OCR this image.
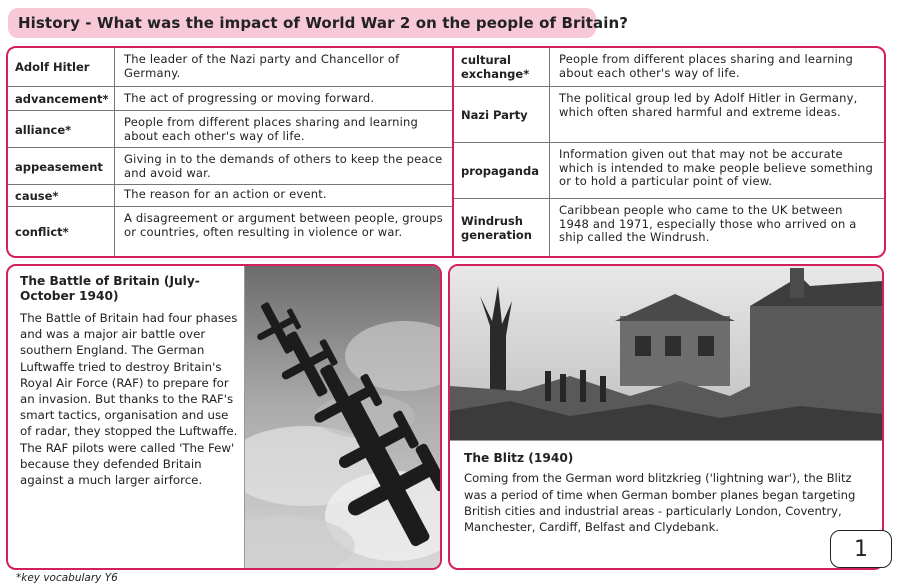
History - What was the impact of World War 2 on the people of Britain?
Adolf Hitler
The leader of the Nazi party and Chancellor of Germany.
advancement*	The act of progressing or moving forward.
alliance*
People from different places sharing and learning about each other's way of life.
appeasement
Giving in to the demands of others to keep the peace and avoid war.
cause*	The reason for an action or event.
conflict*
A disagreement or argument between people, groups or countries, often resulting in violence or war.
cultural exchange*
People from different places sharing and learning about each other's way of life.
Nazi Party
The political group led by Adolf Hitler in Germany, which often shared harmful and extreme ideas.
propaganda
Information given out that may not be accurate which is intended to make people believe something or to hold a particular point of view.
Windrush generation
Caribbean people who came to the UK between 1948 and 1971, especially those who arrived on a ship called the Windrush.
The Battle of Britain (July-October 1940)
The Battle of Britain had four phases and was a major air battle over southern England. The German Luftwaffe tried to destroy Britain's Royal Air Force (RAF) to prepare for an invasion. But thanks to the RAF's smart tactics, organisation and use of radar, they stopped the Luftwaffe. The RAF pilots were called 'The Few' because they defended Britain against a much larger airforce.
The Blitz (1940)
Coming from the German word blitzkrieg ('lightning war'), the Blitz was a period of time when German bomber planes began targeting British cities and industrial areas - particularly London, Coventry, Manchester, Cardiff, Belfast and Clydebank.
1
*key vocabulary Y6
